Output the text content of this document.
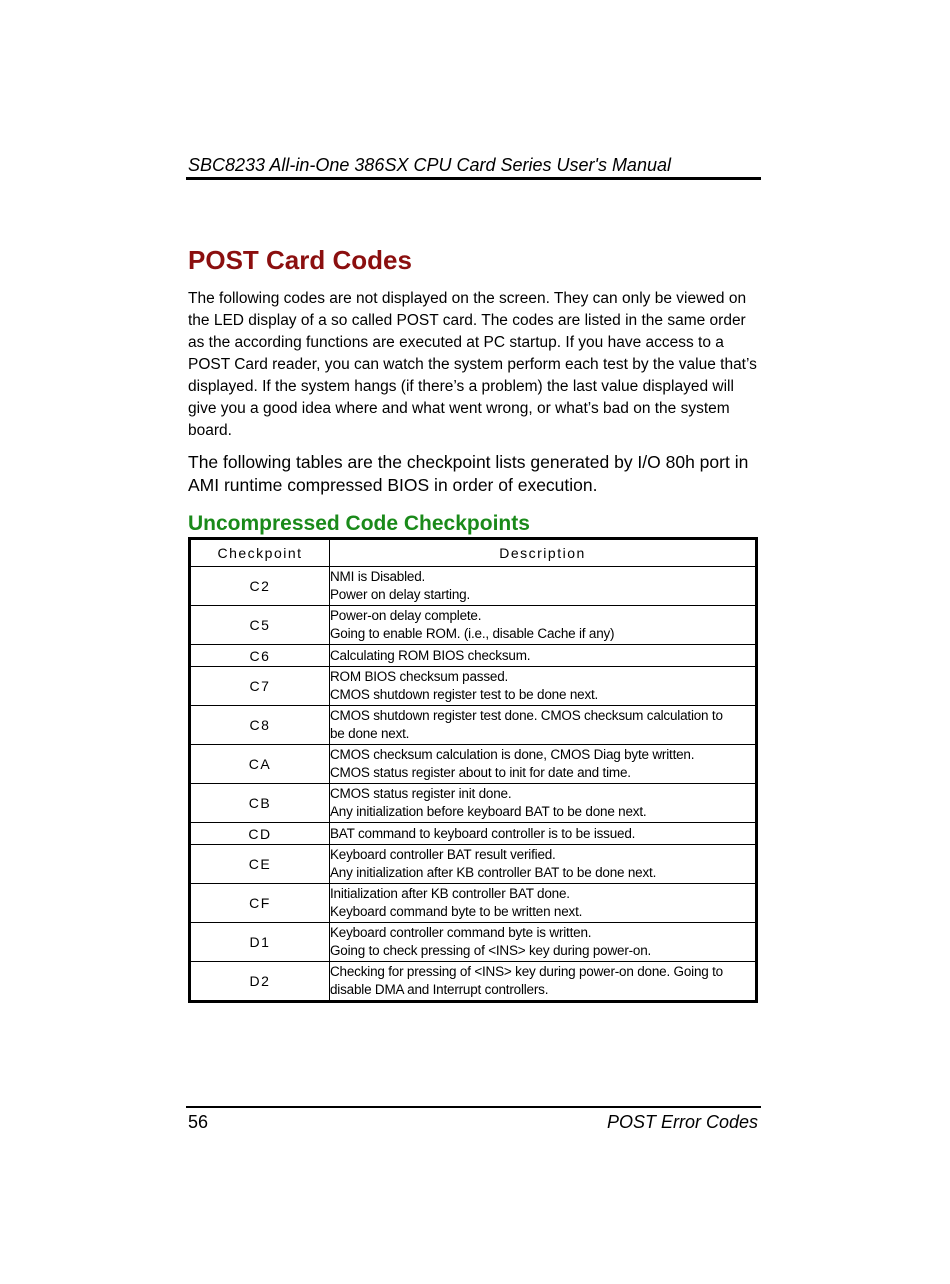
SBC8233 All-in-One 386SX CPU Card Series User's Manual
POST Card Codes

The following codes are not displayed on the screen. They can only be viewed on the LED display of a so called POST card. The codes are listed in the same order as the according functions are executed at PC startup. If you have access to a POST Card reader, you can watch the system perform each test by the value that’s displayed. If the system hangs (if there’s a problem) the last value displayed will give you a good idea where and what went wrong, or what’s bad on the system board.

The following tables are the checkpoint lists generated by I/O 80h port in AMI runtime compressed BIOS in order of execution.

Uncompressed Code Checkpoints
Checkpoint	Description
C2	NMI is Disabled.
Power on delay starting.

C5	Power-on delay complete.
Going to enable ROM. (i.e., disable Cache if any)

C6	Calculating ROM BIOS checksum.

C7	ROM BIOS checksum passed.
CMOS shutdown register test to be done next.

C8	CMOS shutdown register test done. CMOS checksum calculation to
be done next.

CA	CMOS checksum calculation is done, CMOS Diag byte written.
CMOS status register about to init for date and time.

CB	CMOS status register init done.
Any initialization before keyboard BAT to be done next.

CD	BAT command to keyboard controller is to be issued.

CE	Keyboard controller BAT result verified.
Any initialization after KB controller BAT to be done next.

CF	Initialization after KB controller BAT done.
Keyboard command byte to be written next.

D1	Keyboard controller command byte is written.
Going to check pressing of <INS> key during power-on.

D2	Checking for pressing of <INS> key during power-on done. Going to
disable DMA and Interrupt controllers.
56	POST Error Codes
